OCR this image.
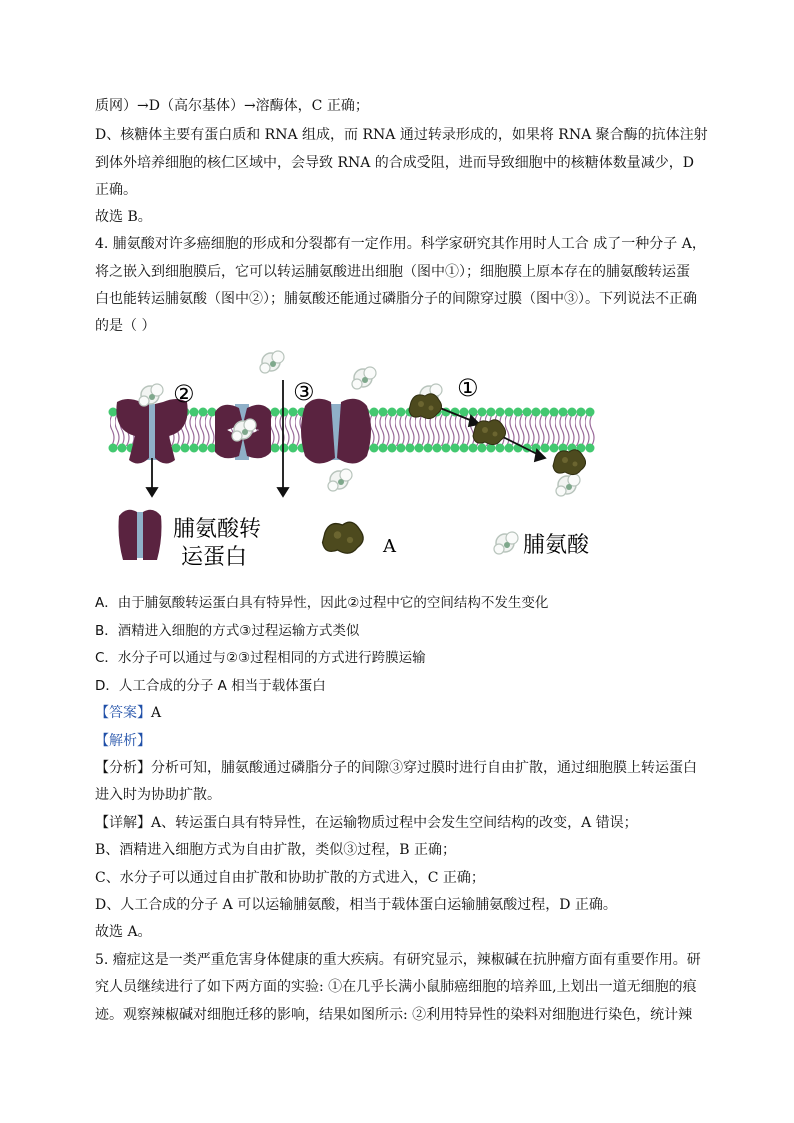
质网）→D（高尔基体）→溶酶体，C 正确；
D、核糖体主要有蛋白质和 RNA 组成，而 RNA 通过转录形成的，如果将 RNA 聚合酶的抗体注射
到体外培养细胞的核仁区域中，会导致 RNA 的合成受阻，进而导致细胞中的核糖体数量减少，D
正确。
故选 B。
4. 脯氨酸对许多癌细胞的形成和分裂都有一定作用。科学家研究其作用时人工合 成了一种分子 A，
将之嵌入到细胞膜后，它可以转运脯氨酸进出细胞（图中①）；细胞膜上原本存在的脯氨酸转运蛋
白也能转运脯氨酸（图中②）；脯氨酸还能通过磷脂分子的间隙穿过膜（图中③）。下列说法不正确
的是（ ）
②	③	①
脯氨酸转
运蛋白	A	脯氨酸
A．由于脯氨酸转运蛋白具有特异性，因此②过程中它的空间结构不发生变化
B．酒精进入细胞的方式③过程运输方式类似
C．水分子可以通过与②③过程相同的方式进行跨膜运输
D．人工合成的分子 A 相当于载体蛋白
【答案】A
【解析】
【分析】分析可知，脯氨酸通过磷脂分子的间隙③穿过膜时进行自由扩散，通过细胞膜上转运蛋白
进入时为协助扩散。
【详解】A、转运蛋白具有特异性，在运输物质过程中会发生空间结构的改变，A 错误；
B、酒精进入细胞方式为自由扩散，类似③过程，B 正确；
C、水分子可以通过自由扩散和协助扩散的方式进入，C 正确；
D、人工合成的分子 A 可以运输脯氨酸，相当于载体蛋白运输脯氨酸过程，D 正确。
故选 A。
5. 瘤症这是一类严重危害身体健康的重大疾病。有研究显示，辣椒碱在抗肿瘤方面有重要作用。研
究人员继续进行了如下两方面的实验: ①在几乎长满小鼠肺癌细胞的培养皿,上划出一道无细胞的痕
迹。观察辣椒碱对细胞迁移的影响，结果如图所示: ②利用特异性的染料对细胞进行染色，统计辣
